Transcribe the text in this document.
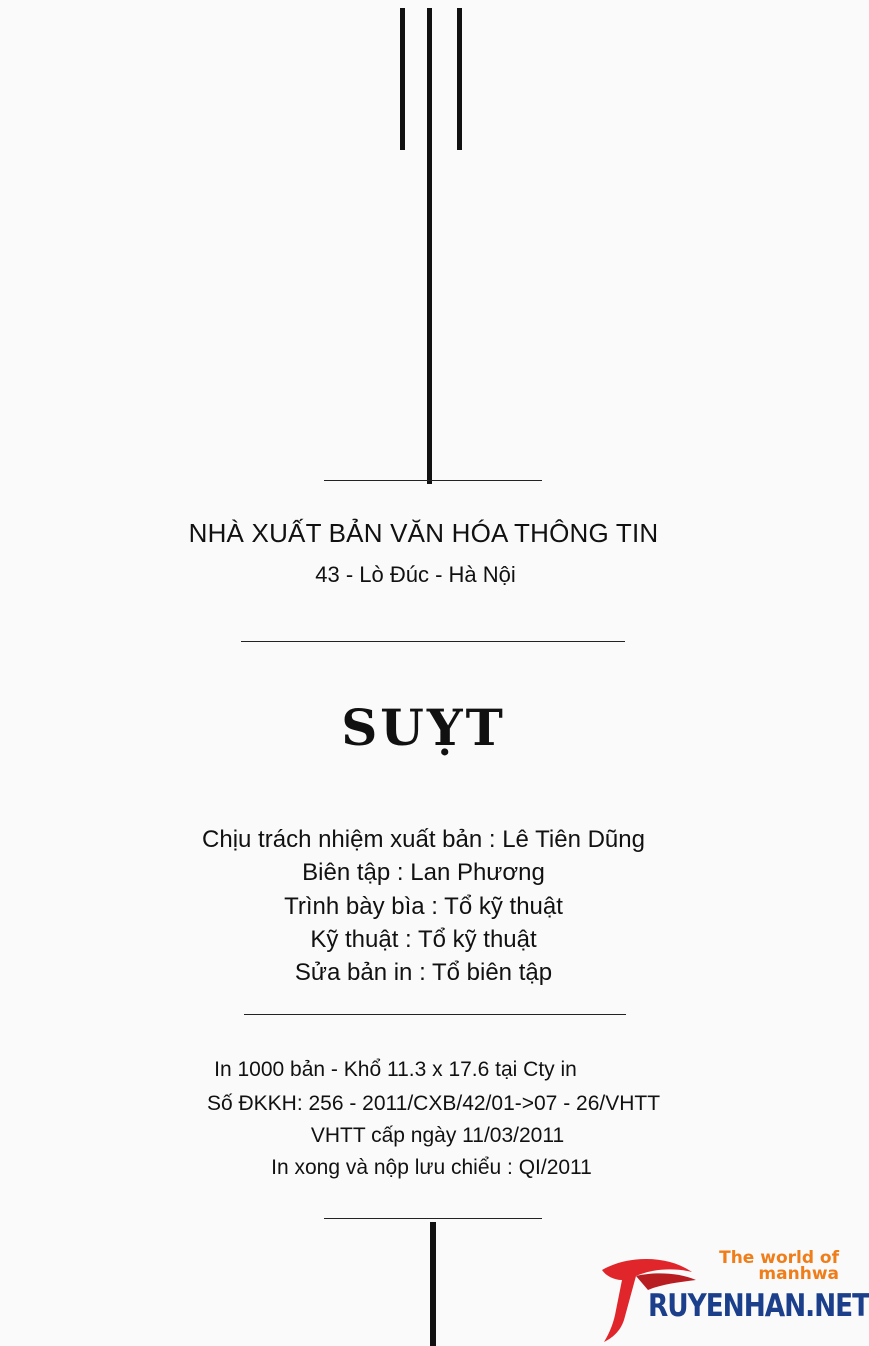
NHÀ XUẤT BẢN VĂN HÓA THÔNG TIN
43 - Lò Đúc - Hà Nội
SUỴT
Chịu trách nhiệm xuất bản : Lê Tiên Dũng
Biên tập : Lan Phương
Trình bày bìa : Tổ kỹ thuật
Kỹ thuật : Tổ kỹ thuật
Sửa bản in : Tổ biên tập
In 1000 bản - Khổ 11.3 x 17.6 tại Cty in
Số ĐKKH: 256 - 2011/CXB/42/01->07 - 26/VHTT
VHTT cấp ngày 11/03/2011
In xong và nộp lưu chiểu : QI/2011
The world of
manhwa
RUYENHAN.NET
